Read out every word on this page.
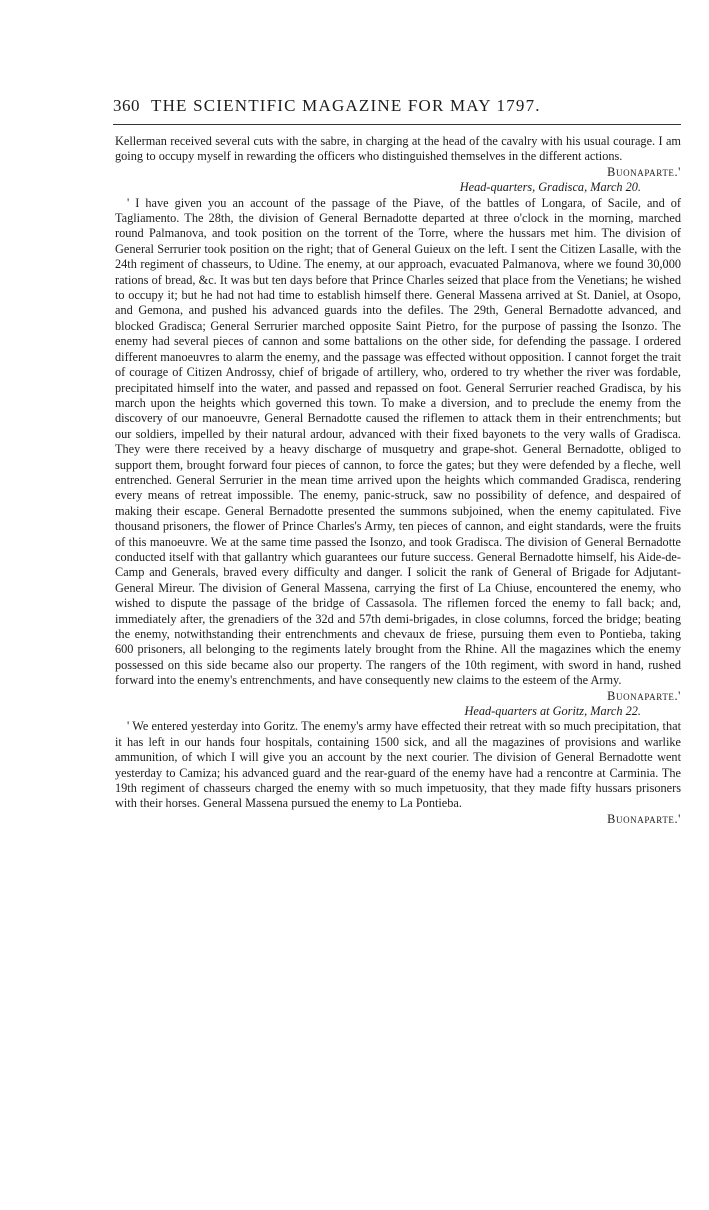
360 THE SCIENTIFIC MAGAZINE FOR MAY 1797.

Kellerman received several cuts with the sabre, in charging at the head of the cavalry with his usual courage. I am going to occupy myself in rewarding the officers who distinguished themselves in the different actions.

Buonaparte.'

Head-quarters, Gradisca, March 20.

' I have given you an account of the passage of the Piave, of the battles of Longara, of Sacile, and of Tagliamento. The 28th, the division of General Bernadotte departed at three o'clock in the morning, marched round Palmanova, and took position on the torrent of the Torre, where the hussars met him. The division of General Serrurier took position on the right; that of General Guieux on the left. I sent the Citizen Lasalle, with the 24th regiment of chasseurs, to Udine. The enemy, at our approach, evacuated Palmanova, where we found 30,000 rations of bread, &c. It was but ten days before that Prince Charles seized that place from the Venetians; he wished to occupy it; but he had not had time to establish himself there. General Massena arrived at St. Daniel, at Osopo, and Gemona, and pushed his advanced guards into the defiles. The 29th, General Bernadotte advanced, and blocked Gradisca; General Serrurier marched opposite Saint Pietro, for the purpose of passing the Isonzo. The enemy had several pieces of cannon and some battalions on the other side, for defending the passage. I ordered different manoeuvres to alarm the enemy, and the passage was effected without opposition. I cannot forget the trait of courage of Citizen Androssy, chief of brigade of artillery, who, ordered to try whether the river was fordable, precipitated himself into the water, and passed and repassed on foot. General Serrurier reached Gradisca, by his march upon the heights which governed this town. To make a diversion, and to preclude the enemy from the discovery of our manoeuvre, General Bernadotte caused the riflemen to attack them in their entrenchments; but our soldiers, impelled by their natural ardour, advanced with their fixed bayonets to the very walls of Gradisca. They were there received by a heavy discharge of musquetry and grape-shot. General Bernadotte, obliged to support them, brought forward four pieces of cannon, to force the gates; but they were defended by a fleche, well entrenched. General Serrurier in the mean time arrived upon the heights which commanded Gradisca, rendering every means of retreat impossible. The enemy, panic-struck, saw no possibility of defence, and despaired of making their escape. General Bernadotte presented the summons subjoined, when the enemy capitulated. Five thousand prisoners, the flower of Prince Charles's Army, ten pieces of cannon, and eight standards, were the fruits of this manoeuvre. We at the same time passed the Isonzo, and took Gradisca. The division of General Bernadotte conducted itself with that gallantry which guarantees our future success. General Bernadotte himself, his Aide-de-Camp and Generals, braved every difficulty and danger. I solicit the rank of General of Brigade for Adjutant-General Mireur. The division of General Massena, carrying the first of La Chiuse, encountered the enemy, who wished to dispute the passage of the bridge of Cassasola. The riflemen forced the enemy to fall back; and, immediately after, the grenadiers of the 32d and 57th demi-brigades, in close columns, forced the bridge; beating the enemy, notwithstanding their entrenchments and chevaux de friese, pursuing them even to Pontieba, taking 600 prisoners, all belonging to the regiments lately brought from the Rhine. All the magazines which the enemy possessed on this side became also our property. The rangers of the 10th regiment, with sword in hand, rushed forward into the enemy's entrenchments, and have consequently new claims to the esteem of the Army.

Buonaparte.'

Head-quarters at Goritz, March 22.

' We entered yesterday into Goritz. The enemy's army have effected their retreat with so much precipitation, that it has left in our hands four hospitals, containing 1500 sick, and all the magazines of provisions and warlike ammunition, of which I will give you an account by the next courier. The division of General Bernadotte went yesterday to Camiza; his advanced guard and the rear-guard of the enemy have had a rencontre at Carminia. The 19th regiment of chasseurs charged the enemy with so much impetuosity, that they made fifty hussars prisoners with their horses. General Massena pursued the enemy to La Pontieba.

Buonaparte.'
